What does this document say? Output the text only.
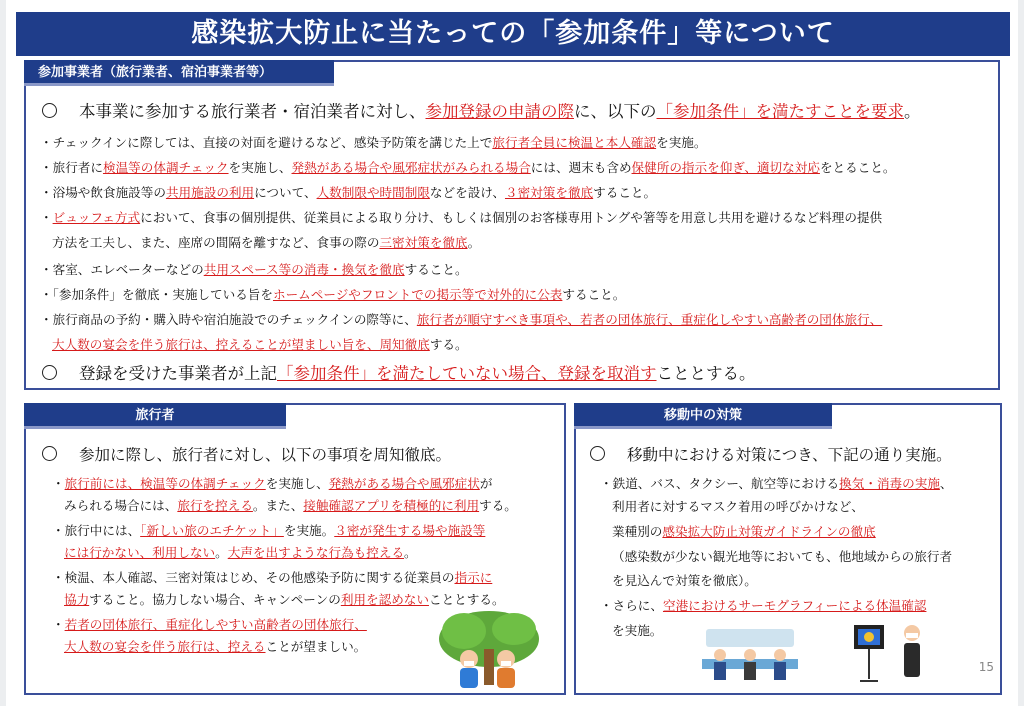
感染拡大防止に当たっての「参加条件」等について
参加事業者（旅行業者、宿泊事業者等）
本事業に参加する旅行業者・宿泊業者に対し、参加登録の申請の際に、以下の「参加条件」を満たすことを要求。
・チェックインに際しては、直接の対面を避けるなど、感染予防策を講じた上で旅行者全員に検温と本人確認を実施。
・旅行者に検温等の体調チェックを実施し、発熱がある場合や風邪症状がみられる場合には、週末も含め保健所の指示を仰ぎ、適切な対応をとること。
・浴場や飲食施設等の共用施設の利用について、人数制限や時間制限などを設け、３密対策を徹底すること。
・ビュッフェ方式において、食事の個別提供、従業員による取り分け、もしくは個別のお客様専用トングや箸等を用意し共用を避けるなど料理の提供
方法を工夫し、また、座席の間隔を離すなど、食事の際の三密対策を徹底。
・客室、エレベーターなどの共用スペース等の消毒・換気を徹底すること。
・「参加条件」を徹底・実施している旨をホームページやフロントでの掲示等で対外的に公表すること。
・旅行商品の予約・購入時や宿泊施設でのチェックインの際等に、旅行者が順守すべき事項や、若者の団体旅行、重症化しやすい高齢者の団体旅行、
大人数の宴会を伴う旅行は、控えることが望ましい旨を、周知徹底する。
登録を受けた事業者が上記「参加条件」を満たしていない場合、登録を取消すこととする。
旅行者
参加に際し、旅行者に対し、以下の事項を周知徹底。
・旅行前には、検温等の体調チェックを実施し、発熱がある場合や風邪症状が
みられる場合には、旅行を控える。また、接触確認アプリを積極的に利用する。
・旅行中には、「新しい旅のエチケット」を実施。３密が発生する場や施設等
には行かない、利用しない。大声を出すような行為も控える。
・検温、本人確認、三密対策はじめ、その他感染予防に関する従業員の指示に
協力すること。協力しない場合、キャンペーンの利用を認めないこととする。
・若者の団体旅行、重症化しやすい高齢者の団体旅行、
大人数の宴会を伴う旅行は、控えることが望ましい。
移動中の対策
移動中における対策につき、下記の通り実施。
・鉄道、バス、タクシー、航空等における換気・消毒の実施、
利用者に対するマスク着用の呼びかけなど、
業種別の感染拡大防止対策ガイドラインの徹底
（感染数が少ない観光地等においても、他地域からの旅行者
を見込んで対策を徹底）。
・さらに、空港におけるサーモグラフィーによる体温確認
を実施。
15
